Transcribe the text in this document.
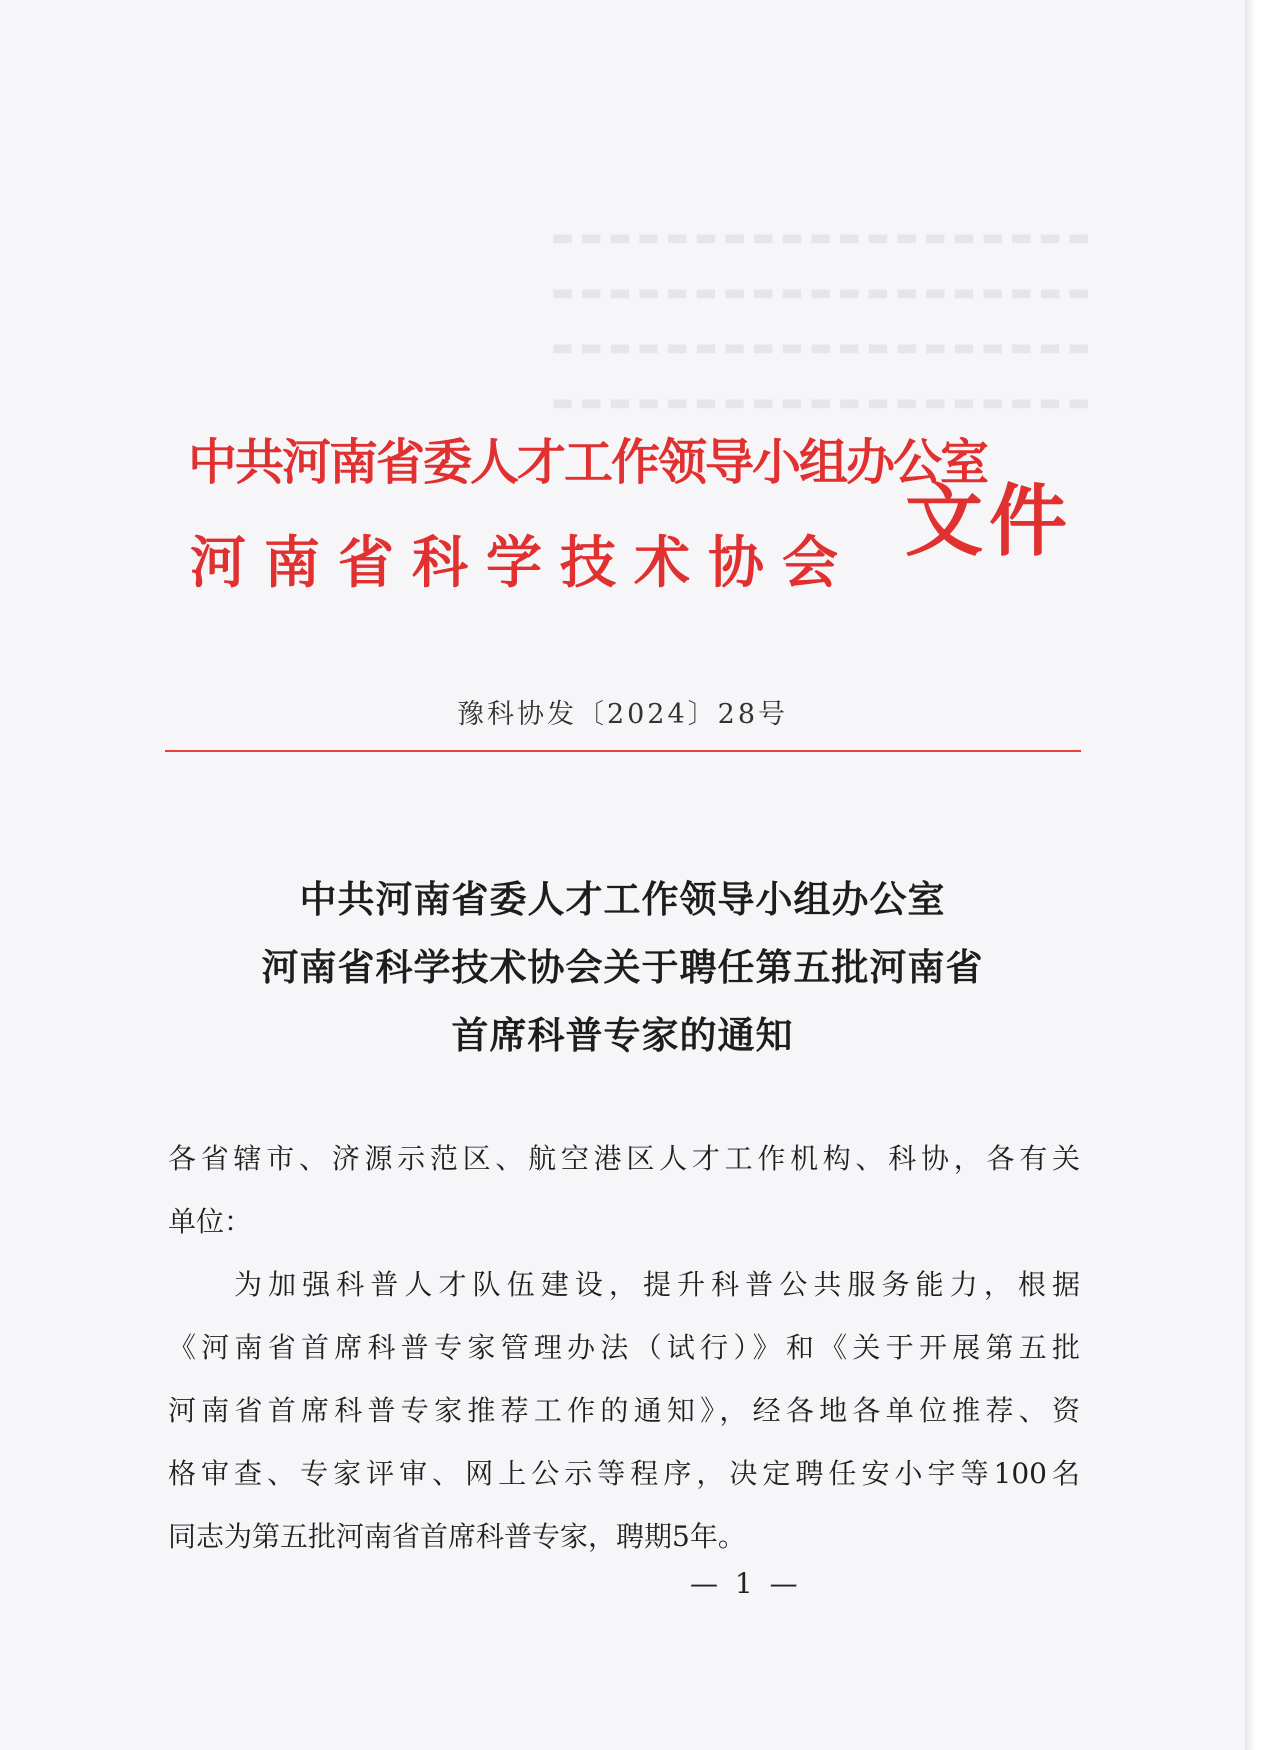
▬▬▬▬▬▬▬▬▬▬▬▬▬▬▬▬▬▬▬
▬▬▬▬▬▬▬▬▬▬▬▬▬▬▬▬▬▬▬
▬▬▬▬▬▬▬▬▬▬▬▬▬▬▬▬▬▬▬
▬▬▬▬▬▬▬▬▬▬▬▬▬▬▬▬▬▬▬
中共河南省委人才工作领导小组办公室
河南省科学技术协会 文件
豫科协发〔2024〕28号
中共河南省委人才工作领导小组办公室
河南省科学技术协会关于聘任第五批河南省
首席科普专家的通知
各省辖市、济源示范区、航空港区人才工作机构、科协，各有关
单位：
为加强科普人才队伍建设，提升科普公共服务能力，根据
《河南省首席科普专家管理办法（试行）》和《关于开展第五批
河南省首席科普专家推荐工作的通知》，经各地各单位推荐、资
格审查、专家评审、网上公示等程序，决定聘任安小宇等100名
同志为第五批河南省首席科普专家，聘期5年。
— 1 —
